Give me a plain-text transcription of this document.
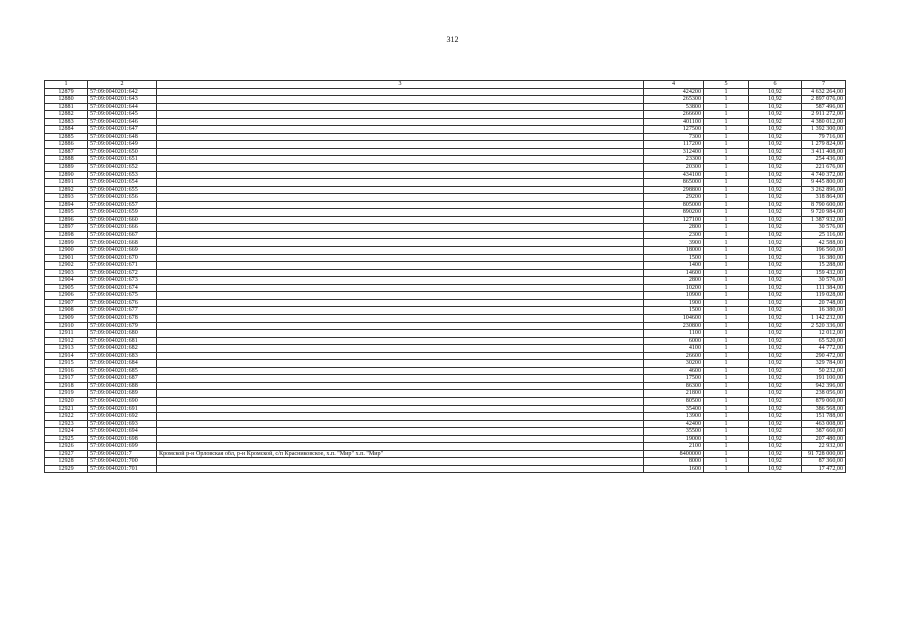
312
1	2	3	4	5	6	7
12879	57:09:0040201:642		424200	1	10,92	4 632 264,00
12880	57:09:0040201:643		265300	1	10,92	2 897 076,00
12881	57:09:0040201:644		53800	1	10,92	587 496,00
12882	57:09:0040201:645		266600	1	10,92	2 911 272,00
12883	57:09:0040201:646		401100	1	10,92	4 380 012,00
12884	57:09:0040201:647		127500	1	10,92	1 392 300,00
12885	57:09:0040201:648		7300	1	10,92	79 716,00
12886	57:09:0040201:649		117200	1	10,92	1 279 824,00
12887	57:09:0040201:650		312400	1	10,92	3 411 408,00
12888	57:09:0040201:651		23300	1	10,92	254 436,00
12889	57:09:0040201:652		20300	1	10,92	221 676,00
12890	57:09:0040201:653		434100	1	10,92	4 740 372,00
12891	57:09:0040201:654		865000	1	10,92	9 445 800,00
12892	57:09:0040201:655		298800	1	10,92	3 262 896,00
12893	57:09:0040201:656		29200	1	10,92	318 864,00
12894	57:09:0040201:657		805000	1	10,92	8 790 600,00
12895	57:09:0040201:659		890200	1	10,92	9 720 984,00
12896	57:09:0040201:660		127100	1	10,92	1 387 932,00
12897	57:09:0040201:666		2800	1	10,92	30 576,00
12898	57:09:0040201:667		2300	1	10,92	25 116,00
12899	57:09:0040201:668		3900	1	10,92	42 588,00
12900	57:09:0040201:669		18000	1	10,92	196 560,00
12901	57:09:0040201:670		1500	1	10,92	16 380,00
12902	57:09:0040201:671		1400	1	10,92	15 288,00
12903	57:09:0040201:672		14600	1	10,92	159 432,00
12904	57:09:0040201:673		2800	1	10,92	30 576,00
12905	57:09:0040201:674		10200	1	10,92	111 384,00
12906	57:09:0040201:675		10900	1	10,92	119 028,00
12907	57:09:0040201:676		1900	1	10,92	20 748,00
12908	57:09:0040201:677		1500	1	10,92	16 380,00
12909	57:09:0040201:678		104600	1	10,92	1 142 232,00
12910	57:09:0040201:679		230800	1	10,92	2 520 336,00
12911	57:09:0040201:680		1100	1	10,92	12 012,00
12912	57:09:0040201:681		6000	1	10,92	65 520,00
12913	57:09:0040201:682		4100	1	10,92	44 772,00
12914	57:09:0040201:683		26600	1	10,92	290 472,00
12915	57:09:0040201:684		30200	1	10,92	329 784,00
12916	57:09:0040201:685		4600	1	10,92	50 232,00
12917	57:09:0040201:687		17500	1	10,92	191 100,00
12918	57:09:0040201:688		86300	1	10,92	942 396,00
12919	57:09:0040201:689		21800	1	10,92	238 056,00
12920	57:09:0040201:690		80500	1	10,92	879 060,00
12921	57:09:0040201:691		35400	1	10,92	386 568,00
12922	57:09:0040201:692		13900	1	10,92	151 788,00
12923	57:09:0040201:693		42400	1	10,92	463 008,00
12924	57:09:0040201:694		35500	1	10,92	387 660,00
12925	57:09:0040201:698		19000	1	10,92	207 480,00
12926	57:09:0040201:699		2100	1	10,92	22 932,00
12927	57:09:0040201:7	Кромской р-н Орловская обл, р-н Кромской, с/п Красниковское, х.п. "Мир" х.п. "Мир"	8400000	1	10,92	91 728 000,00
12928	57:09:0040201:700		8000	1	10,92	87 360,00
12929	57:09:0040201:701		1600	1	10,92	17 472,00
